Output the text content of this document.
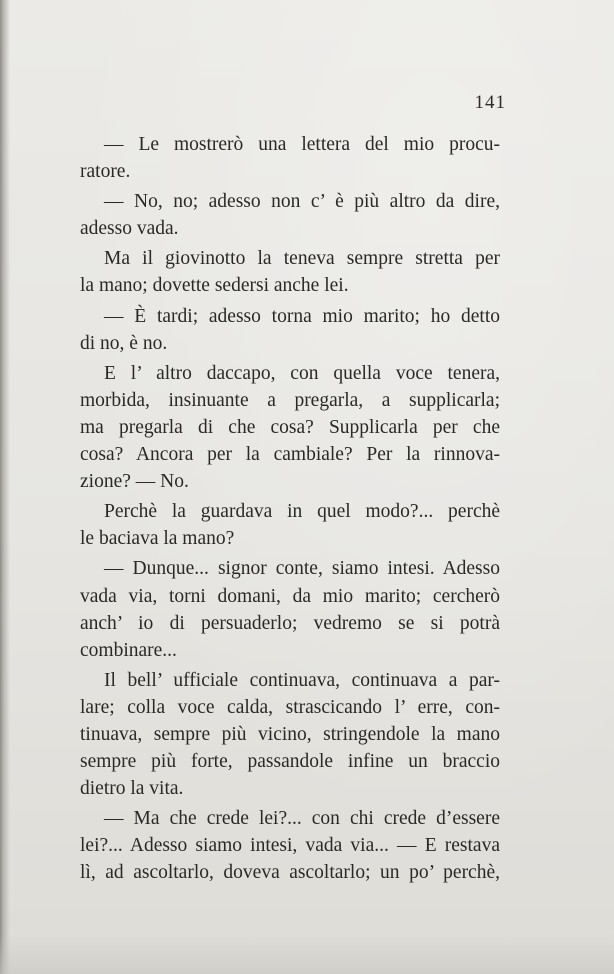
141
— Le mostrerò una lettera del mio procu-
ratore.
— No, no; adesso non c’ è più altro da dire,
adesso vada.
Ma il giovinotto la teneva sempre stretta per
la mano; dovette sedersi anche lei.
— È tardi; adesso torna mio marito; ho detto
di no, è no.
E l’ altro daccapo, con quella voce tenera,
morbida, insinuante a pregarla, a supplicarla;
ma pregarla di che cosa? Supplicarla per che
cosa? Ancora per la cambiale? Per la rinnova-
zione? — No.
Perchè la guardava in quel modo?... perchè
le baciava la mano?
— Dunque... signor conte, siamo intesi. Adesso
vada via, torni domani, da mio marito; cercherò
anch’ io di persuaderlo; vedremo se si potrà
combinare...
Il bell’ ufficiale continuava, continuava a par-
lare; colla voce calda, strascicando l’ erre, con-
tinuava, sempre più vicino, stringendole la mano
sempre più forte, passandole infine un braccio
dietro la vita.
— Ma che crede lei?... con chi crede d’essere
lei?... Adesso siamo intesi, vada via... — E restava
lì, ad ascoltarlo, doveva ascoltarlo; un po’ perchè,
